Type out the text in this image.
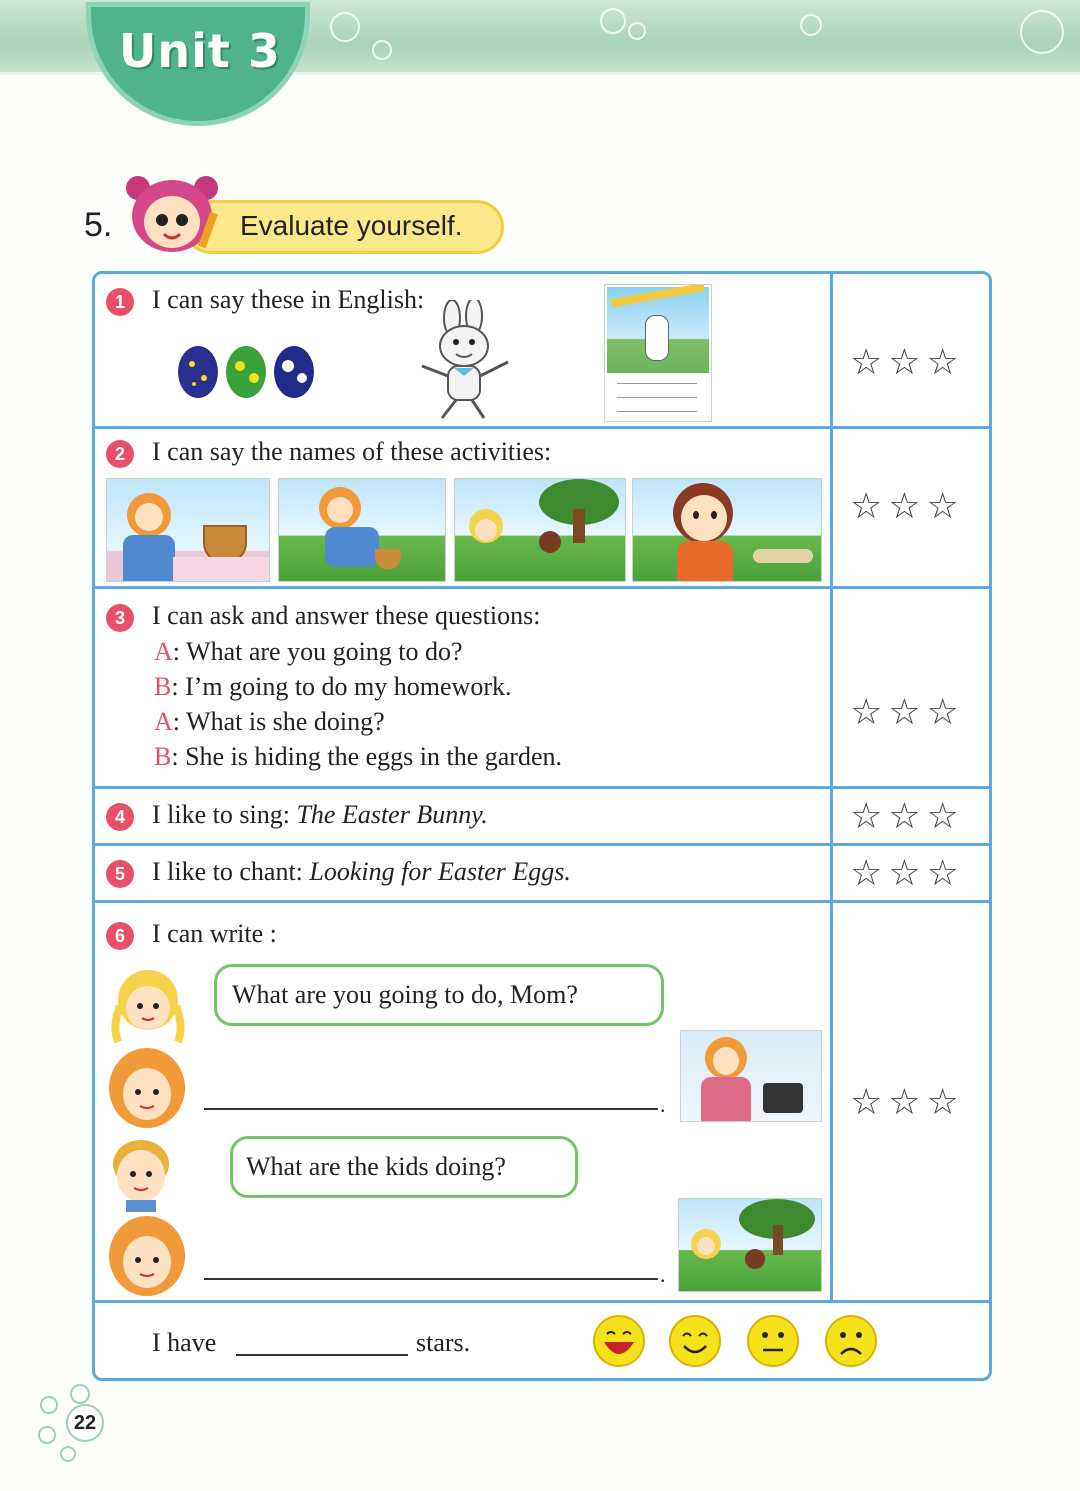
Unit 3
5.	Evaluate yourself.
1	I can say these in English:
☆☆☆
2	I can say the names of these activities:
☆☆☆
3	I can ask and answer these questions:
A: What are you going to do?
B: I’m going to do my homework.
A: What is she doing?
B: She is hiding the eggs in the garden.
☆☆☆
4	I like to sing: The Easter Bunny.	☆☆☆
5	I like to chant: Looking for Easter Eggs.	☆☆☆
6	I can write :
What are you going to do, Mom?
.
What are the kids doing?
.
☆☆☆
I have	stars.
22
